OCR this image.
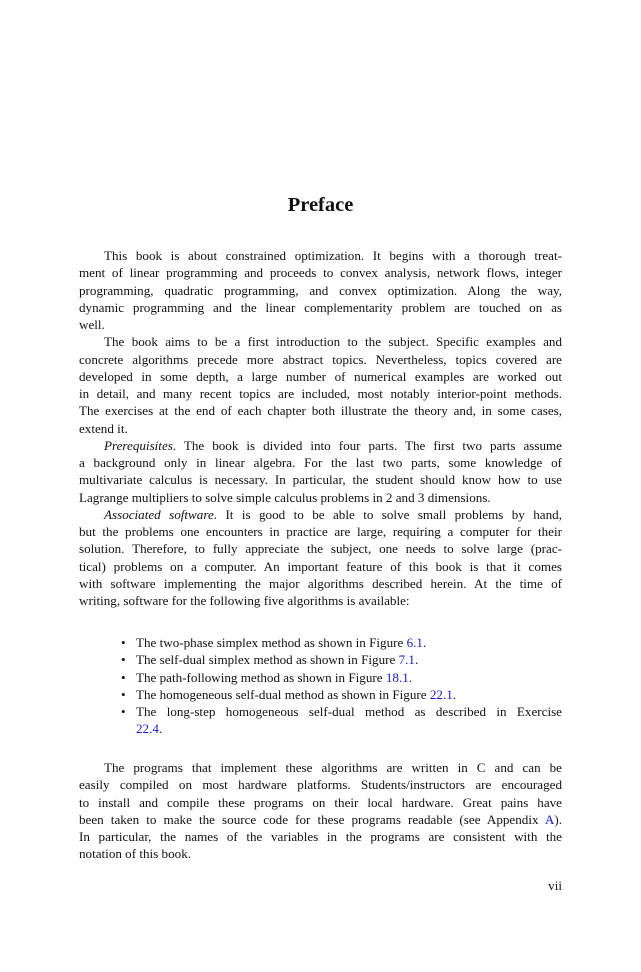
Preface
This book is about constrained optimization. It begins with a thorough treat-
ment of linear programming and proceeds to convex analysis, network flows, integer
programming, quadratic programming, and convex optimization. Along the way,
dynamic programming and the linear complementarity problem are touched on as
well.
The book aims to be a first introduction to the subject. Specific examples and
concrete algorithms precede more abstract topics. Nevertheless, topics covered are
developed in some depth, a large number of numerical examples are worked out
in detail, and many recent topics are included, most notably interior-point methods.
The exercises at the end of each chapter both illustrate the theory and, in some cases,
extend it.
Prerequisites. The book is divided into four parts. The first two parts assume
a background only in linear algebra. For the last two parts, some knowledge of
multivariate calculus is necessary. In particular, the student should know how to use
Lagrange multipliers to solve simple calculus problems in 2 and 3 dimensions.
Associated software. It is good to be able to solve small problems by hand,
but the problems one encounters in practice are large, requiring a computer for their
solution. Therefore, to fully appreciate the subject, one needs to solve large (prac-
tical) problems on a computer. An important feature of this book is that it comes
with software implementing the major algorithms described herein. At the time of
writing, software for the following five algorithms is available:
• The two-phase simplex method as shown in Figure 6.1.
• The self-dual simplex method as shown in Figure 7.1.
• The path-following method as shown in Figure 18.1.
• The homogeneous self-dual method as shown in Figure 22.1.
• The long-step homogeneous self-dual method as described in Exercise
22.4.
The programs that implement these algorithms are written in C and can be
easily compiled on most hardware platforms. Students/instructors are encouraged
to install and compile these programs on their local hardware. Great pains have
been taken to make the source code for these programs readable (see Appendix A).
In particular, the names of the variables in the programs are consistent with the
notation of this book.
vii
